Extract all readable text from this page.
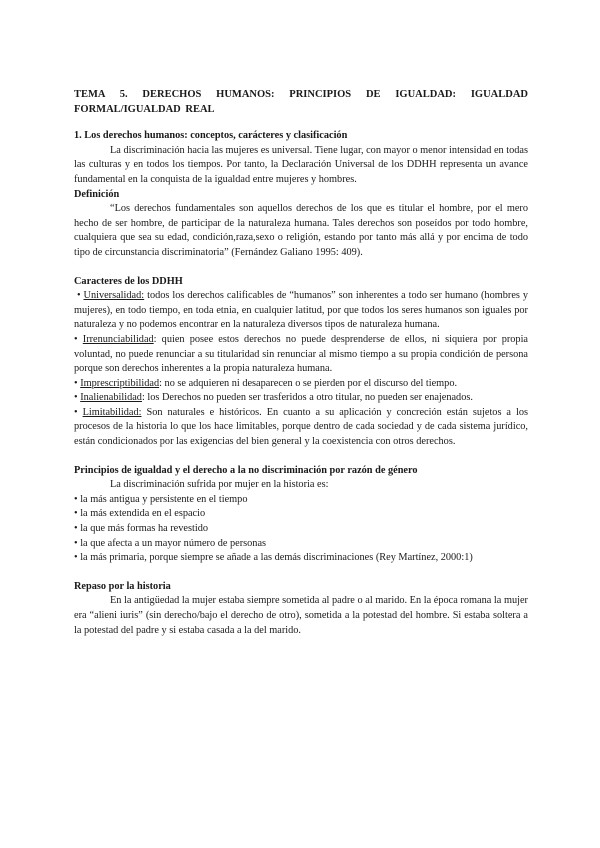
TEMA 5. DERECHOS HUMANOS: PRINCIPIOS DE IGUALDAD: IGUALDAD FORMAL/IGUALDAD REAL

1. Los derechos humanos: conceptos, carácteres y clasificación

La discriminación hacia las mujeres es universal. Tiene lugar, con mayor o menor intensidad en todas las culturas y en todos los tiempos. Por tanto, la Declaración Universal de los DDHH representa un avance fundamental en la conquista de la igualdad entre mujeres y hombres.

Definición

“Los derechos fundamentales son aquellos derechos de los que es titular el hombre, por el mero hecho de ser hombre, de participar de la naturaleza humana. Tales derechos son poseídos por todo hombre, cualquiera que sea su edad, condición,raza,sexo o religión, estando por tanto más allá y por encima de todo tipo de circunstancia discriminatoria” (Fernández Galiano 1995: 409).

Caracteres de los DDHH

• Universalidad: todos los derechos calificables de “humanos” son inherentes a todo ser humano (hombres y mujeres), en todo tiempo, en toda etnia, en cualquier latitud, por que todos los seres humanos son iguales por naturaleza y no podemos encontrar en la naturaleza diversos tipos de naturaleza humana.

• Irrenunciabilidad: quien posee estos derechos no puede desprenderse de ellos, ni siquiera por propia voluntad, no puede renunciar a su titularidad sin renunciar al mismo tiempo a su propia condición de persona porque son derechos inherentes a la propia naturaleza humana.

• Imprescriptibilidad: no se adquieren ni desaparecen o se pierden por el discurso del tiempo.

• Inalienabilidad: los Derechos no pueden ser trasferidos a otro titular, no pueden ser enajenados.

• Limitabilidad: Son naturales e históricos. En cuanto a su aplicación y concreción están sujetos a los procesos de la historia lo que los hace limitables, porque dentro de cada sociedad y de cada sistema jurídico, están condicionados por las exigencias del bien general y la coexistencia con otros derechos.

Principios de igualdad y el derecho a la no discriminación por razón de género

La discriminación sufrida por mujer en la historia es:

• la más antigua y persistente en el tiempo

• la más extendida en el espacio

• la que más formas ha revestido

• la que afecta a un mayor número de personas

• la más primaria, porque siempre se añade a las demás discriminaciones (Rey Martínez, 2000:1)

Repaso por la historia

En la antigüedad la mujer estaba siempre sometida al padre o al marido. En la época romana la mujer era “alieni iuris” (sin derecho/bajo el derecho de otro), sometida a la potestad del hombre. Si estaba soltera a la potestad del padre y si estaba casada a la del marido.
